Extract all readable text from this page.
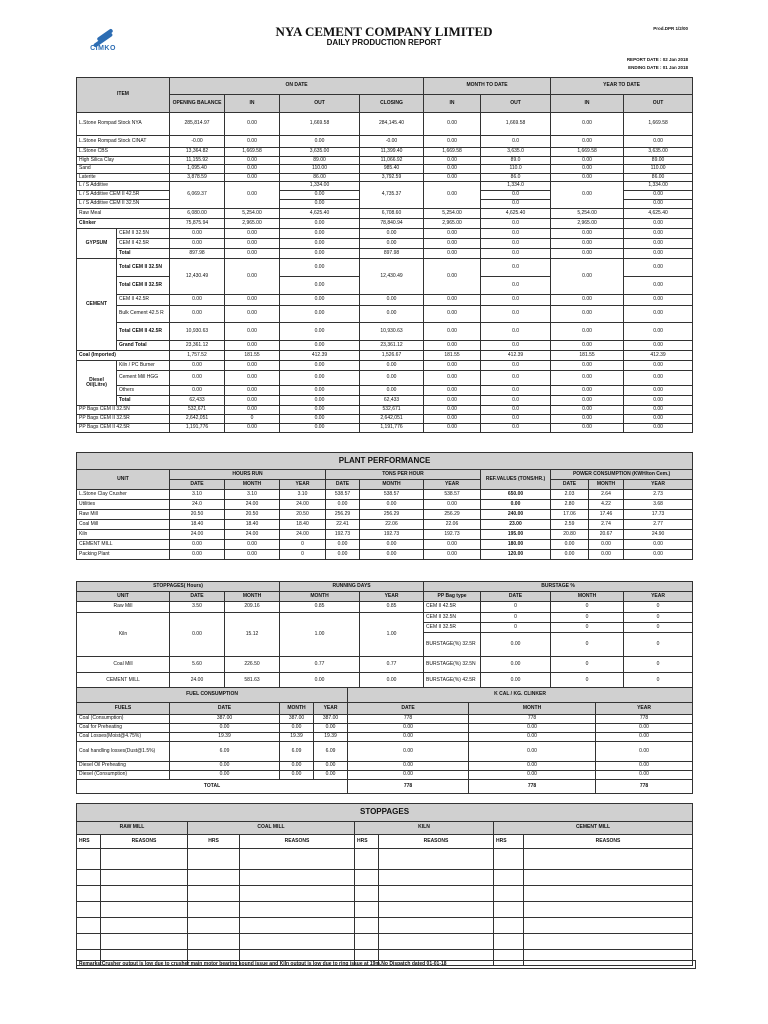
CIMKO
NYA CEMENT COMPANY LIMITED
DAILY PRODUCTION REPORT
Prod.DPR 1/2/00
REPORT DATE : 02 Jan 2018
ENDING DATE : 01 Jan 2018
ITEM		ON DATE				MONTH TO DATE		YEAR TO DATE	
		OPENING BALANCE	IN	OUT	CLOSING	IN	OUT	IN	OUT
L.Stone Rompad Stock NYA		285,814.97	0.00	1,669.58	284,145.40	0.00	1,669.58	0.00	1,669.58
L.Stone Rompad Stock CINAT		-0.00	0.00	0.00	-0.00	0.00	0.0	0.00	0.00
L.Stone CBS		13,364.82	1,669.58	3,635.00	11,399.40	1,669.58	3,635.0	1,669.58	3,635.00
High Silica Clay		11,155.92	0.00	89.00	11,066.92	0.00	89.0	0.00	89.00
Sand		1,095.40	0.00	110.00	985.40	0.00	110.0	0.00	110.00
Laterite		3,878.59	0.00	86.00	3,792.59	0.00	86.0	0.00	86.00
L / S Additive		6,069.37	0.00	1,334.00	4,735.37	0.00	1,334.0	0.00	1,334.00
L / S Additive CEM II 42.5R				0.00			0.0		0.00
L / S Additive CEM II 32.5N				0.00			0.0		0.00
Raw Meal		6,080.00	5,254.00	4,625.40	6,708.60	5,254.00	4,625.40	5,254.00	4,625.40
Clinker		75,875.94	2,965.00	0.00	78,840.94	2,965.00	0.0	2,965.00	0.00
GYPSUM	CEM II 32.5N	0.00	0.00	0.00	0.00	0.00	0.0	0.00	0.00
	CEM II 42.5R	0.00	0.00	0.00	0.00	0.00	0.0	0.00	0.00
	Total	897.98	0.00	0.00	897.98	0.00	0.0	0.00	0.00
CEMENT	Total CEM II 32.5N	12,430.49	0.00	0.00	12,430.49	0.00	0.0	0.00	0.00
	Total CEM II 32.5R			0.00			0.0		0.00
	CEM II 42.5R	0.00	0.00	0.00	0.00	0.00	0.0	0.00	0.00
	Bulk Cement 42.5 R	0.00	0.00	0.00	0.00	0.00	0.0	0.00	0.00
	Total CEM II 42.5R	10,930.63	0.00	0.00	10,930.63	0.00	0.0	0.00	0.00
	Grand Total	23,361.12	0.00	0.00	23,361.12	0.00	0.0	0.00	0.00
Coal (Imported)		1,757.52	181.55	412.39	1,526.67	181.55	412.39	181.55	412.39
Diesel Oil(Litre)	Kiln / PC Burner	0.00	0.00	0.00	0.00	0.00	0.0	0.00	0.00
	Cement Mill HGG	0.00	0.00	0.00	0.00	0.00	0.0	0.00	0.00
	Others	0.00	0.00	0.00	0.00	0.00	0.0	0.00	0.00
	Total	62,433	0.00	0.00	62,433	0.00	0.0	0.00	0.00
PP Bags CEM II 32.5N		532,671	0.00	0.00	532,671	0.00	0.0	0.00	0.00
PP Bags CEM II 32.5R		2,642,051	0	0.00	2,642,051	0.00	0.0	0.00	0.00
PP Bags CEM II 42.5R		1,191,776	0.00	0.00	1,191,776	0.00	0.0	0.00	0.00
PLANT PERFORMANCE										
UNIT	HOURS RUN			TONS PER HOUR			REF.VALUES (TONS/HR.)	POWER CONSUMPTION (KWH/ton Cem.)		
	DATE	MONTH	YEAR	DATE	MONTH	YEAR		DATE	MONTH	YEAR
L.Stone Clay Crusher	3.10	3.10	3.10	538.57	538.57	538.57	650.00	2.03	2.64	2.73
Utilities	24.0	24.00	24.00	0.00	0.00	0.00	0.00	2.80	4.22	3.68
Raw Mill	20.50	20.50	20.50	256.29	256.29	256.29	240.00	17.06	17.46	17.73
Coal Mill	18.40	18.40	18.40	22.41	22.06	22.06	23.00	2.59	2.74	2.77
Kiln	24.00	24.00	24.00	192.73	192.73	192.73	195.00	20.80	20.67	24.90
CEMENT MILL	0.00	0.00	0	0.00	0.00	0.00	180.00	0.00	0.00	0.00
Packing Plant	0.00	0.00	0	0.00	0.00	0.00	120.00	0.00	0.00	0.00
STOPPAGES( Hours)			RUNNING DAYS		BURSTAGE %			
UNIT	DATE	MONTH	MONTH	YEAR	PP Bag type	DATE	MONTH	YEAR
Raw Mill	3.50	209.16	0.85	0.85	CEM II 42.5R	0	0	0
Kiln	0.00	15.12	1.00	1.00	CEM II 32.5N	0	0	0
					CEM II 32.5R	0	0	0
					BURSTAGE(%) 32.5R	0.00	0	0

Coal Mill	5.60	226.50	0.77	0.77	BURSTAGE(%) 32.5N	0.00	0	0
CEMENT MILL	24.00	581.63	0.00	0.00	BURSTAGE(%) 42.5R	0.00	0	0
FUEL CONSUMPTION				K CAL / KG. CLINKER		
FUELS	DATE	MONTH	YEAR	DATE	MONTH	YEAR
Coal (Consumption)	387.00	387.00	387.00	778	778	778
Coal for Preheating	0.00	0.00	0.00	0.00	0.00	0.00
Coal Losses(Moist@4.75%)	19.39	19.39	19.39	0.00	0.00	0.00
Coal handling losses(Dust@1.5%)	6.09	6.09	6.09	0.00	0.00	0.00
Diesel Oil Preheating	0.00	0.00	0.00	0.00	0.00	0.00
Diesel (Consumption)	0.00	0.00	0.00	0.00	0.00	0.00
TOTAL				778	778	778
STOPPAGES							
RAW MILL		COAL MILL		KILN		CEMENT MILL	
HRS	REASONS	HRS	REASONS	HRS	REASONS	HRS	REASONS

Remarks:Crusher output is low due to crusher main motor bearing sound issue and Kiln output is low due to ring issue at 19m.No Dispatch dated 01-01-18
